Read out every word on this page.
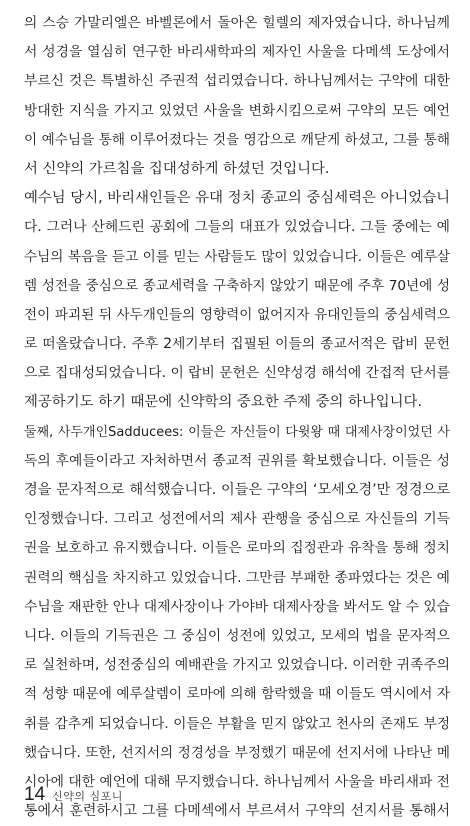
의 스승 가말리엘은 바벨론에서 돌아온 힐렐의 제자였습니다. 하나님께
서 성경을 열심히 연구한 바리새학파의 제자인 사울을 다메섹 도상에서
부르신 것은 특별하신 주권적 섭리였습니다. 하나님께서는 구약에 대한
방대한 지식을 가지고 있었던 사울을 변화시킴으로써 구약의 모든 예언
이 예수님을 통해 이루어졌다는 것을 영감으로 깨닫게 하셨고, 그를 통해
서 신약의 가르침을 집대성하게 하셨던 것입니다.
예수님 당시, 바리새인들은 유대 정치 종교의 중심세력은 아니었습니
다. 그러나 산헤드린 공회에 그들의 대표가 있었습니다. 그들 중에는 예
수님의 복음을 듣고 이를 믿는 사람들도 많이 있었습니다. 이들은 예루살
렘 성전을 중심으로 종교세력을 구축하지 않았기 때문에 주후 70년에 성
전이 파괴된 뒤 사두개인들의 영향력이 없어지자 유대인들의 중심세력으
로 떠올랐습니다. 주후 2세기부터 집필된 이들의 종교서적은 랍비 문헌
으로 집대성되었습니다. 이 랍비 문헌은 신약성경 해석에 간접적 단서를
제공하기도 하기 때문에 신약학의 중요한 주제 중의 하나입니다.
둘째, 사두개인Sadducees: 이들은 자신들이 다윗왕 때 대제사장이었던 사
독의 후예들이라고 자처하면서 종교적 권위를 확보했습니다. 이들은 성
경을 문자적으로 해석했습니다. 이들은 구약의 ‘모세오경’만 정경으로
인정했습니다. 그리고 성전에서의 제사 관행을 중심으로 자신들의 기득
권을 보호하고 유지했습니다. 이들은 로마의 집정관과 유착을 통해 정치
권력의 핵심을 차지하고 있었습니다. 그만큼 부패한 종파였다는 것은 예
수님을 재판한 안나 대제사장이나 가야바 대제사장을 봐서도 알 수 있습
니다. 이들의 기득권은 그 중심이 성전에 있었고, 모세의 법을 문자적으
로 실천하며, 성전중심의 예배관을 가지고 있었습니다. 이러한 귀족주의
적 성향 때문에 예루살렘이 로마에 의해 함락했을 때 이들도 역시에서 자
취를 감추게 되었습니다. 이들은 부활을 믿지 않았고 천사의 존재도 부정
했습니다. 또한, 선지서의 정경성을 부정했기 때문에 선지서에 나타난 메
시아에 대한 예언에 대해 무지했습니다. 하나님께서 사울을 바리새파 전
통에서 훈련하시고 그를 다메섹에서 부르셔서 구약의 선지서를 통해서
14 신약의 심포니
